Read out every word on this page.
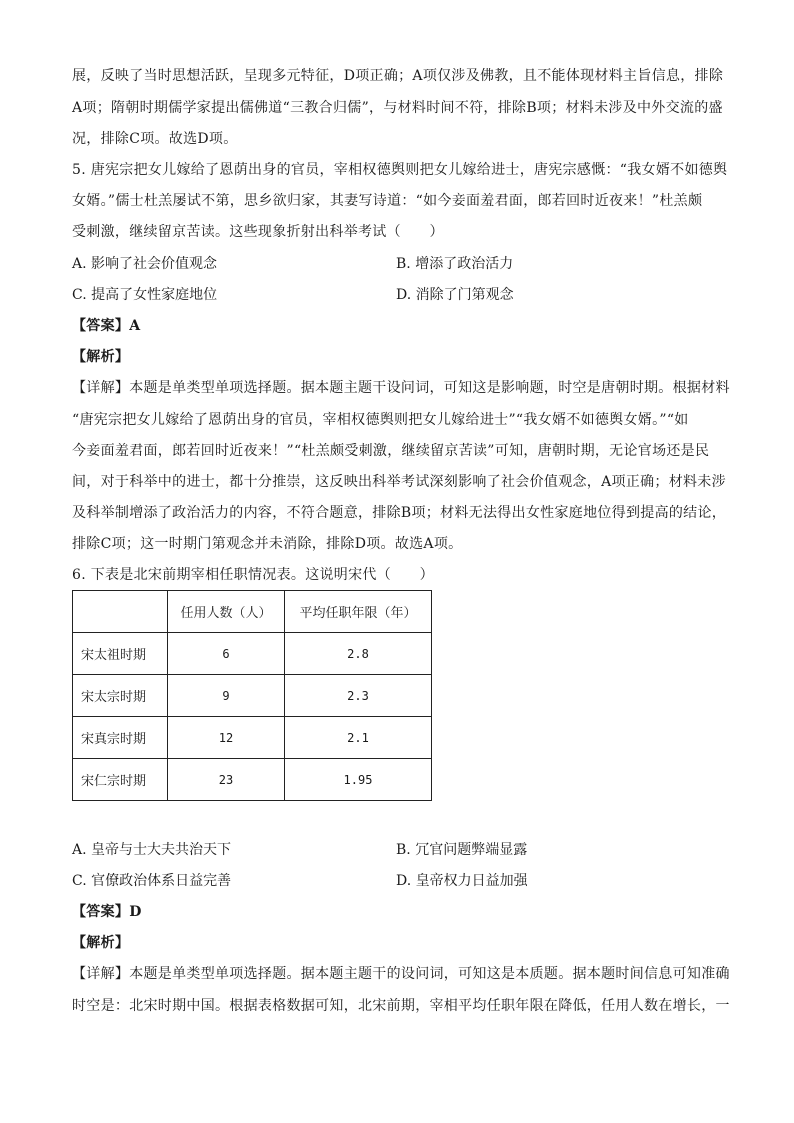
展，反映了当时思想活跃，呈现多元特征，D项正确；A项仅涉及佛教，且不能体现材料主旨信息，排除
A项；隋朝时期儒学家提出儒佛道“三教合归儒”，与材料时间不符，排除B项；材料未涉及中外交流的盛
况，排除C项。故选D项。
5. 唐宪宗把女儿嫁给了恩荫出身的官员，宰相权德舆则把女儿嫁给进士，唐宪宗感慨：“我女婿不如德舆
女婿。”儒士杜羔屡试不第，思乡欲归家，其妻写诗道：“如今妾面羞君面，郎若回时近夜来！”杜羔颇
受刺激，继续留京苦读。这些现象折射出科举考试（　　）
A. 影响了社会价值观念	B. 增添了政治活力
C. 提高了女性家庭地位	D. 消除了门第观念
【答案】A
【解析】
【详解】本题是单类型单项选择题。据本题主题干设问词，可知这是影响题，时空是唐朝时期。根据材料
“唐宪宗把女儿嫁给了恩荫出身的官员，宰相权德舆则把女儿嫁给进士”“我女婿不如德舆女婿。”“如
今妾面羞君面，郎若回时近夜来！”“杜羔颇受刺激，继续留京苦读”可知，唐朝时期，无论官场还是民
间，对于科举中的进士，都十分推崇，这反映出科举考试深刻影响了社会价值观念，A项正确；材料未涉
及科举制增添了政治活力的内容，不符合题意，排除B项；材料无法得出女性家庭地位得到提高的结论，
排除C项；这一时期门第观念并未消除，排除D项。故选A项。
6. 下表是北宋前期宰相任职情况表。这说明宋代（　　）
	任用人数（人）	平均任职年限（年）
宋太祖时期	6	2.8
宋太宗时期	9	2.3
宋真宗时期	12	2.1
宋仁宗时期	23	1.95
A. 皇帝与士大夫共治天下	B. 冗官问题弊端显露
C. 官僚政治体系日益完善	D. 皇帝权力日益加强
【答案】D
【解析】
【详解】本题是单类型单项选择题。据本题主题干的设问词，可知这是本质题。据本题时间信息可知准确
时空是：北宋时期中国。根据表格数据可知，北宋前期，宰相平均任职年限在降低，任用人数在增长，一
